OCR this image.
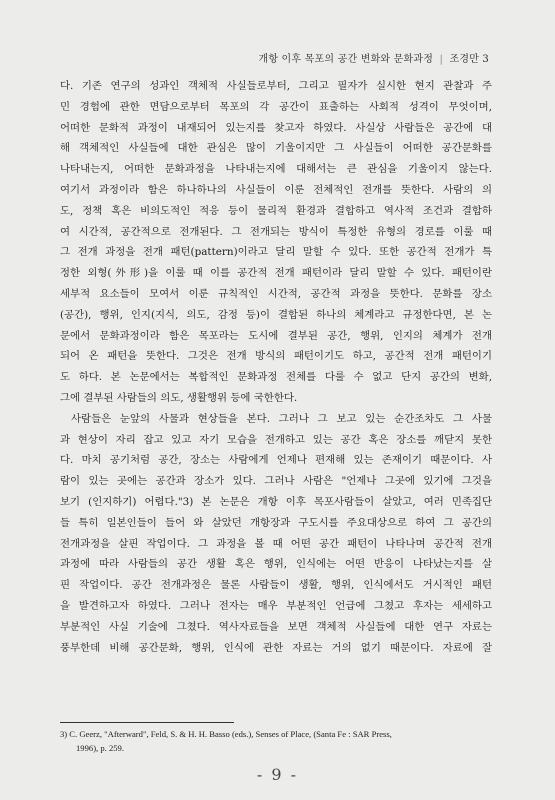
개항 이후 목포의 공간 변화와 문화과정 | 조경만 3

다. 기존 연구의 성과인 객체적 사실들로부터, 그리고 필자가 실시한 현지 관찰과 주
민 경험에 관한 면담으로부터 목포의 각 공간이 표출하는 사회적 성격이 무엇이며,
어떠한 문화적 과정이 내재되어 있는지를 찾고자 하였다. 사실상 사람들은 공간에 대
해 객체적인 사실들에 대한 관심은 많이 기울이지만 그 사실들이 어떠한 공간문화를
나타내는지, 어떠한 문화과정을 나타내는지에 대해서는 큰 관심을 기울이지 않는다.
여기서 과정이라 함은 하나하나의 사실들이 이룬 전체적인 전개를 뜻한다. 사람의 의
도, 정책 혹은 비의도적인 적응 등이 물리적 환경과 결합하고 역사적 조건과 결합하
여 시간적, 공간적으로 전개된다. 그 전개되는 방식이 특정한 유형의 경로를 이룰 때
그 전개 과정을 전개 패턴(pattern)이라고 달리 말할 수 있다. 또한 공간적 전개가 특
정한 외형(外形)을 이룰 때 이를 공간적 전개 패턴이라 달리 말할 수 있다. 패턴이란
세부적 요소들이 모여서 이룬 규칙적인 시간적, 공간적 과정을 뜻한다. 문화를 장소
(공간), 행위, 인지(지식, 의도, 감정 등)이 결합된 하나의 체계라고 규정한다면, 본 논
문에서 문화과정이라 함은 목포라는 도시에 결부된 공간, 행위, 인지의 체계가 전개
되어 온 패턴을 뜻한다. 그것은 전개 방식의 패턴이기도 하고, 공간적 전개 패턴이기
도 하다. 본 논문에서는 복합적인 문화과정 전체를 다룰 수 없고 단지 공간의 변화,
그에 결부된 사람들의 의도, 생활행위 등에 국한한다.

사람들은 눈앞의 사물과 현상들을 본다. 그러나 그 보고 있는 순간조차도 그 사물
과 현상이 자리 잡고 있고 자기 모습을 전개하고 있는 공간 혹은 장소를 깨닫지 못한
다. 마치 공기처럼 공간, 장소는 사람에게 언제나 편재해 있는 존재이기 때문이다. 사
람이 있는 곳에는 공간과 장소가 있다. 그러나 사람은 "언제나 그곳에 있기에 그것을
보기 (인지하기) 어렵다."3) 본 논문은 개항 이후 목포사람들이 살았고, 여러 민족집단
들 특히 일본인들이 들어 와 살았던 개항장과 구도시를 주요대상으로 하여 그 공간의
전개과정을 살핀 작업이다. 그 과정을 볼 때 어떤 공간 패턴이 나타나며 공간적 전개
과정에 따라 사람들의 공간 생활 혹은 행위, 인식에는 어떤 반응이 나타났는지를 살
핀 작업이다. 공간 전개과정은 물론 사람들이 생활, 행위, 인식에서도 거시적인 패턴
을 발견하고자 하였다. 그러나 전자는 매우 부분적인 언급에 그쳤고 후자는 세세하고
부분적인 사실 기술에 그쳤다. 역사자료들을 보면 객체적 사실들에 대한 연구 자료는
풍부한데 비해 공간문화, 행위, 인식에 관한 자료는 거의 없기 때문이다. 자료에 잘

3) C. Geerz, "Afterward", Feld, S. & H. H. Basso (eds.), Senses of Place, (Santa Fe : SAR Press,
1996), p. 259.
- 9 -
